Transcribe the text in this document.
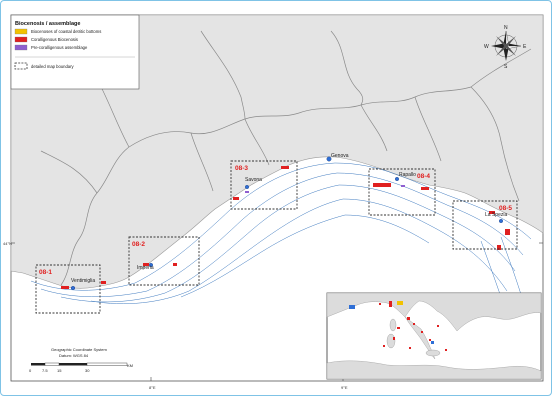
8°E	9°E
44°N
Ventimiglia
Imperia
Savona
Genova
Rapallo
La Spezia
08-1
08-2
08-3
08-4
08-5
Biocenosis / assemblage
Biocenoses of coastal detritic bottoms
Coralligenous Biocenosis
Pre-coralligenous assemblage
detailed map boundary
N
S
E
W
Geographic Coordinate System
Datum: WGS 84
0	7.5 15	30
KM
